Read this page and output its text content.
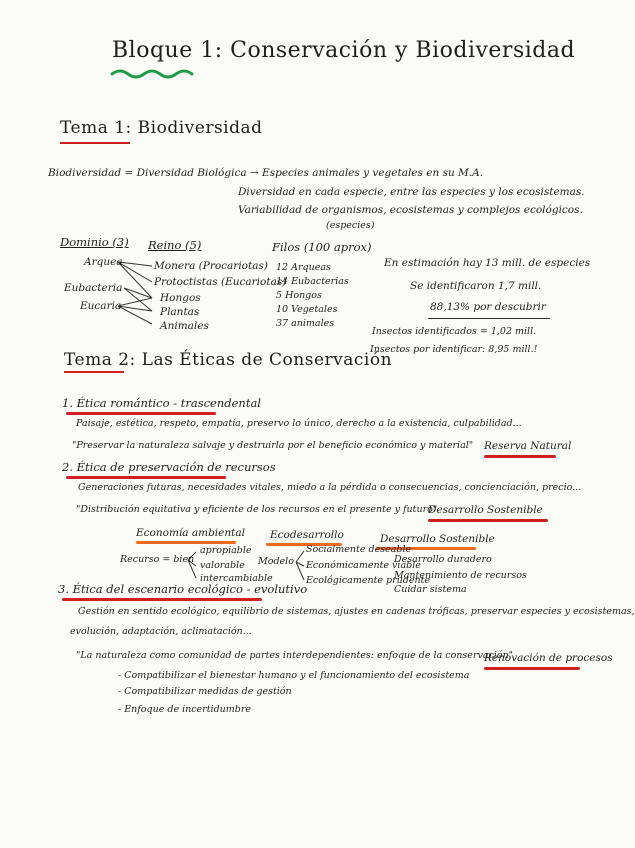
Bloque 1: Conservación y Biodiversidad
Tema 1: Biodiversidad
Biodiversidad = Diversidad Biológica → Especies animales y vegetales en su M.A.
Diversidad en cada especie, entre las especies y los ecosistemas.
Variabilidad de organismos, ecosistemas y complejos ecológicos.
(especies)
Dominio (3) Reino (5)	Filos (100 aprox)
Arquea
Eubacteria
Eucaria
Monera (Procariotas)
Protoctistas (Eucariotas)
Hongos
Plantas
Animales
12 Arqueas
14 Eubacterias
5 Hongos
10 Vegetales
37 animales
En estimación hay 13 mill. de especies
Se identificaron 1,7 mill.
88,13% por descubrir
Insectos identificados = 1,02 mill.
Insectos por identificar: 8,95 mill.!
Tema 2: Las Éticas de Conservación
1. Ética romántico - trascendental
Paisaje, estética, respeto, empatía, preservo lo único, derecho a la existencia, culpabilidad...
"Preservar la naturaleza salvaje y destruirla por el beneficio económico y material" Reserva Natural
2. Ética de preservación de recursos
Generaciones futuras, necesidades vitales, miedo a la pérdida o consecuencias, concienciación, precio...
"Distribución equitativa y eficiente de los recursos en el presente y futuro"
Desarrollo Sostenible
Economía ambiental Ecodesarrollo	Desarrollo Sostenible
Recurso = bien
apropiable
valorable
intercambiable
Modelo
Socialmente deseable
Económicamente viable
Ecológicamente prudente
Desarrollo duradero
Mantenimiento de recursos
Cuidar sistema
3. Ética del escenario ecológico - evolutivo
Gestión en sentido ecológico, equilibrio de sistemas, ajustes en cadenas tróficas, preservar especies y ecosistemas,
evolución, adaptación, aclimatación...
"La naturaleza como comunidad de partes interdependientes: enfoque de la conservación"
Renovación de procesos
- Compatibilizar el bienestar humano y el funcionamiento del ecosistema
- Compatibilizar medidas de gestión
- Enfoque de incertidumbre
